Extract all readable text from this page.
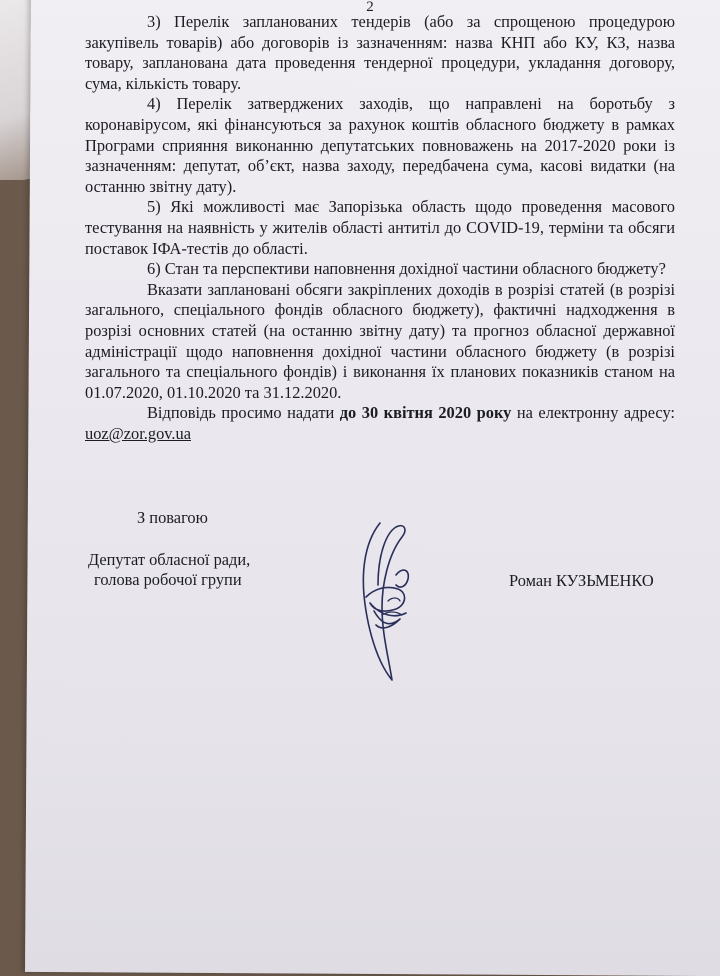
2

3) Перелік запланованих тендерів (або за спрощеною процедурою закупівель товарів) або договорів із зазначенням: назва КНП або КУ, КЗ, назва товару, запланована дата проведення тендерної процедури, укладання договору, сума, кількість товару.

4) Перелік затверджених заходів, що направлені на боротьбу з коронавірусом, які фінансуються за рахунок коштів обласного бюджету в рамках Програми сприяння виконанню депутатських повноважень на 2017-2020 роки із зазначенням: депутат, об’єкт, назва заходу, передбачена сума, касові видатки (на останню звітну дату).

5) Які можливості має Запорізька область щодо проведення масового тестування на наявність у жителів області антитіл до COVID-19, терміни та обсяги поставок ІФА-тестів до області.

6) Стан та перспективи наповнення дохідної частини обласного бюджету?

Вказати заплановані обсяги закріплених доходів в розрізі статей (в розрізі загального, спеціального фондів обласного бюджету), фактичні надходження в розрізі основних статей (на останню звітну дату) та прогноз обласної державної адміністрації щодо наповнення дохідної частини обласного бюджету (в розрізі загального та спеціального фондів) і виконання їх планових показників станом на 01.07.2020, 01.10.2020 та 31.12.2020.

Відповідь просимо надати до 30 квітня 2020 року на електронну адресу: uoz@zor.gov.ua

З повагою
Депутат обласної ради,
голова робочої групи	Роман КУЗЬМЕНКО
